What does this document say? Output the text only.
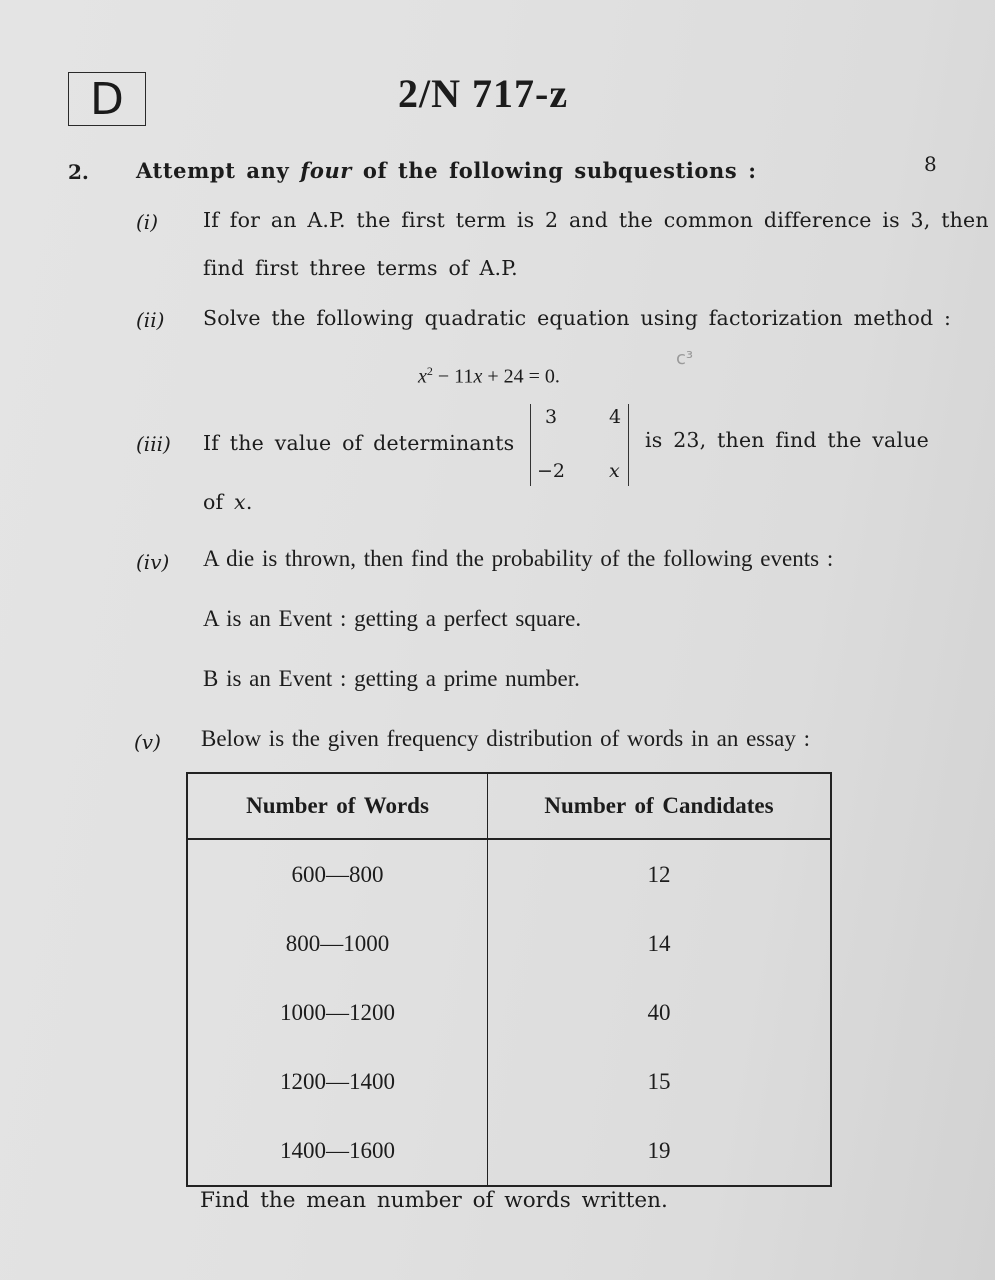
D	2/N 717-z
2. Attempt any four of the following subquestions :	8
(i) If for an A.P. the first term is 2 and the common difference is 3, then
find first three terms of A.P.
(ii) Solve the following quadratic equation using factorization method :
$x^2 - 11x + 24 = 0$.
c³
(iii) If the value of determinants
3	4
−2 x
is 23, then find the value
of x.
(iv) A die is thrown, then find the probability of the following events :
A is an Event : getting a perfect square.
B is an Event : getting a prime number.
(v) Below is the given frequency distribution of words in an essay :
Number of Words	Number of Candidates
600—800	12
800—1000	14
1000—1200	40
1200—1400	15
1400—1600	19
Find the mean number of words written.
